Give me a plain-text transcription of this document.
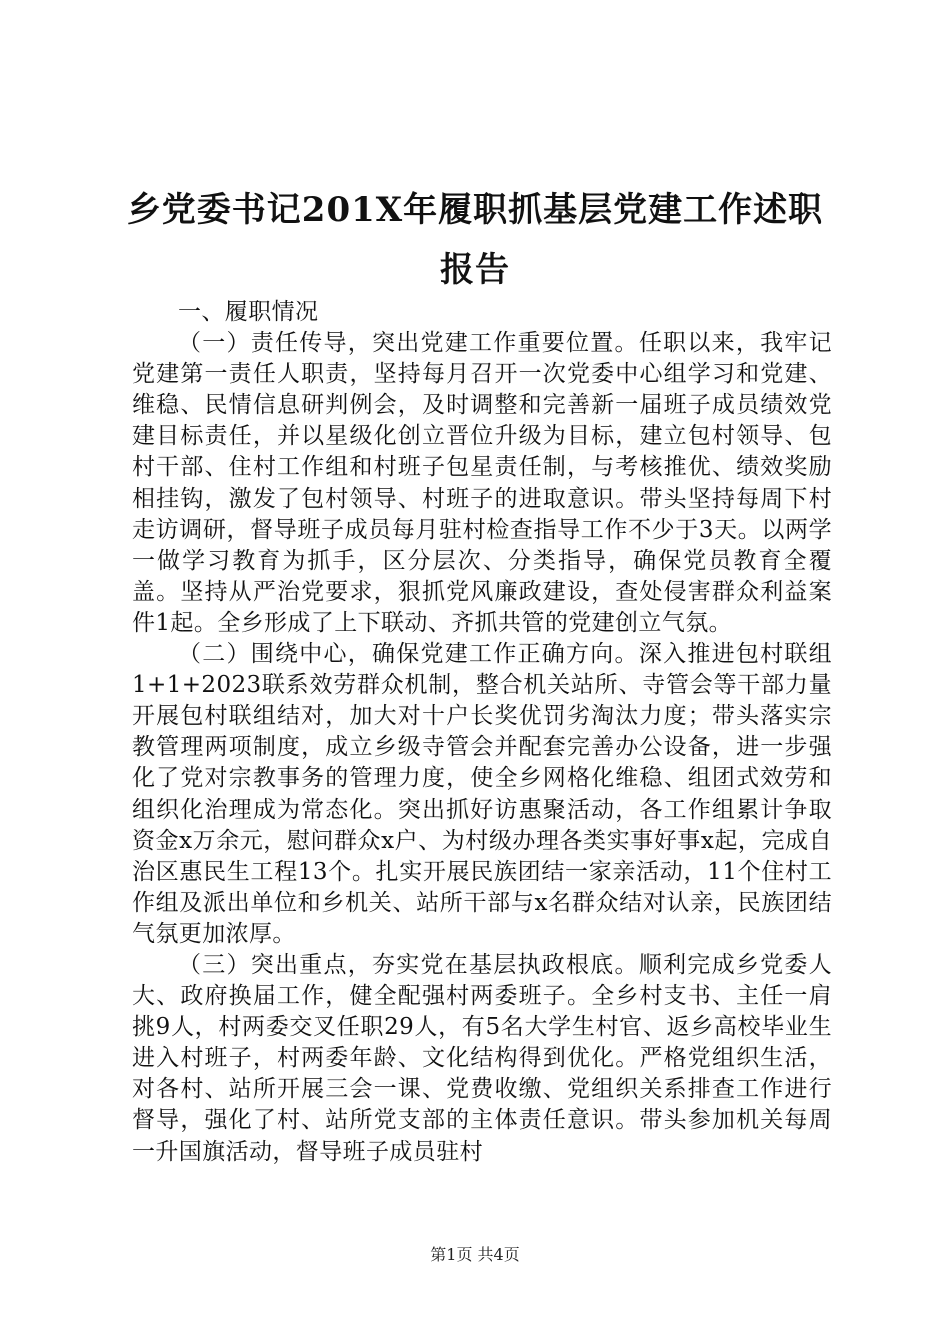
乡党委书记201X年履职抓基层党建工作述职
报告

一、履职情况

（一）责任传导，突出党建工作重要位置。任职以来，我牢记党建第一责任人职责，坚持每月召开一次党委中心组学习和党建、维稳、民情信息研判例会，及时调整和完善新一届班子成员绩效党建目标责任，并以星级化创立晋位升级为目标，建立包村领导、包村干部、住村工作组和村班子包星责任制，与考核推优、绩效奖励相挂钩，激发了包村领导、村班子的进取意识。带头坚持每周下村走访调研，督导班子成员每月驻村检查指导工作不少于3天。以两学一做学习教育为抓手，区分层次、分类指导，确保党员教育全覆盖。坚持从严治党要求，狠抓党风廉政建设，查处侵害群众利益案件1起。全乡形成了上下联动、齐抓共管的党建创立气氛。

（二）围绕中心，确保党建工作正确方向。深入推进包村联组1+1+2023联系效劳群众机制，整合机关站所、寺管会等干部力量开展包村联组结对，加大对十户长奖优罚劣淘汰力度；带头落实宗教管理两项制度，成立乡级寺管会并配套完善办公设备，进一步强化了党对宗教事务的管理力度，使全乡网格化维稳、组团式效劳和组织化治理成为常态化。突出抓好访惠聚活动，各工作组累计争取资金x万余元，慰问群众x户、为村级办理各类实事好事x起，完成自治区惠民生工程13个。扎实开展民族团结一家亲活动，11个住村工作组及派出单位和乡机关、站所干部与x名群众结对认亲，民族团结气氛更加浓厚。

（三）突出重点，夯实党在基层执政根底。顺利完成乡党委人大、政府换届工作，健全配强村两委班子。全乡村支书、主任一肩挑9人，村两委交叉任职29人，有5名大学生村官、返乡高校毕业生进入村班子，村两委年龄、文化结构得到优化。严格党组织生活，对各村、站所开展三会一课、党费收缴、党组织关系排查工作进行督导，强化了村、站所党支部的主体责任意识。带头参加机关每周一升国旗活动，督导班子成员驻村

第1页 共4页
